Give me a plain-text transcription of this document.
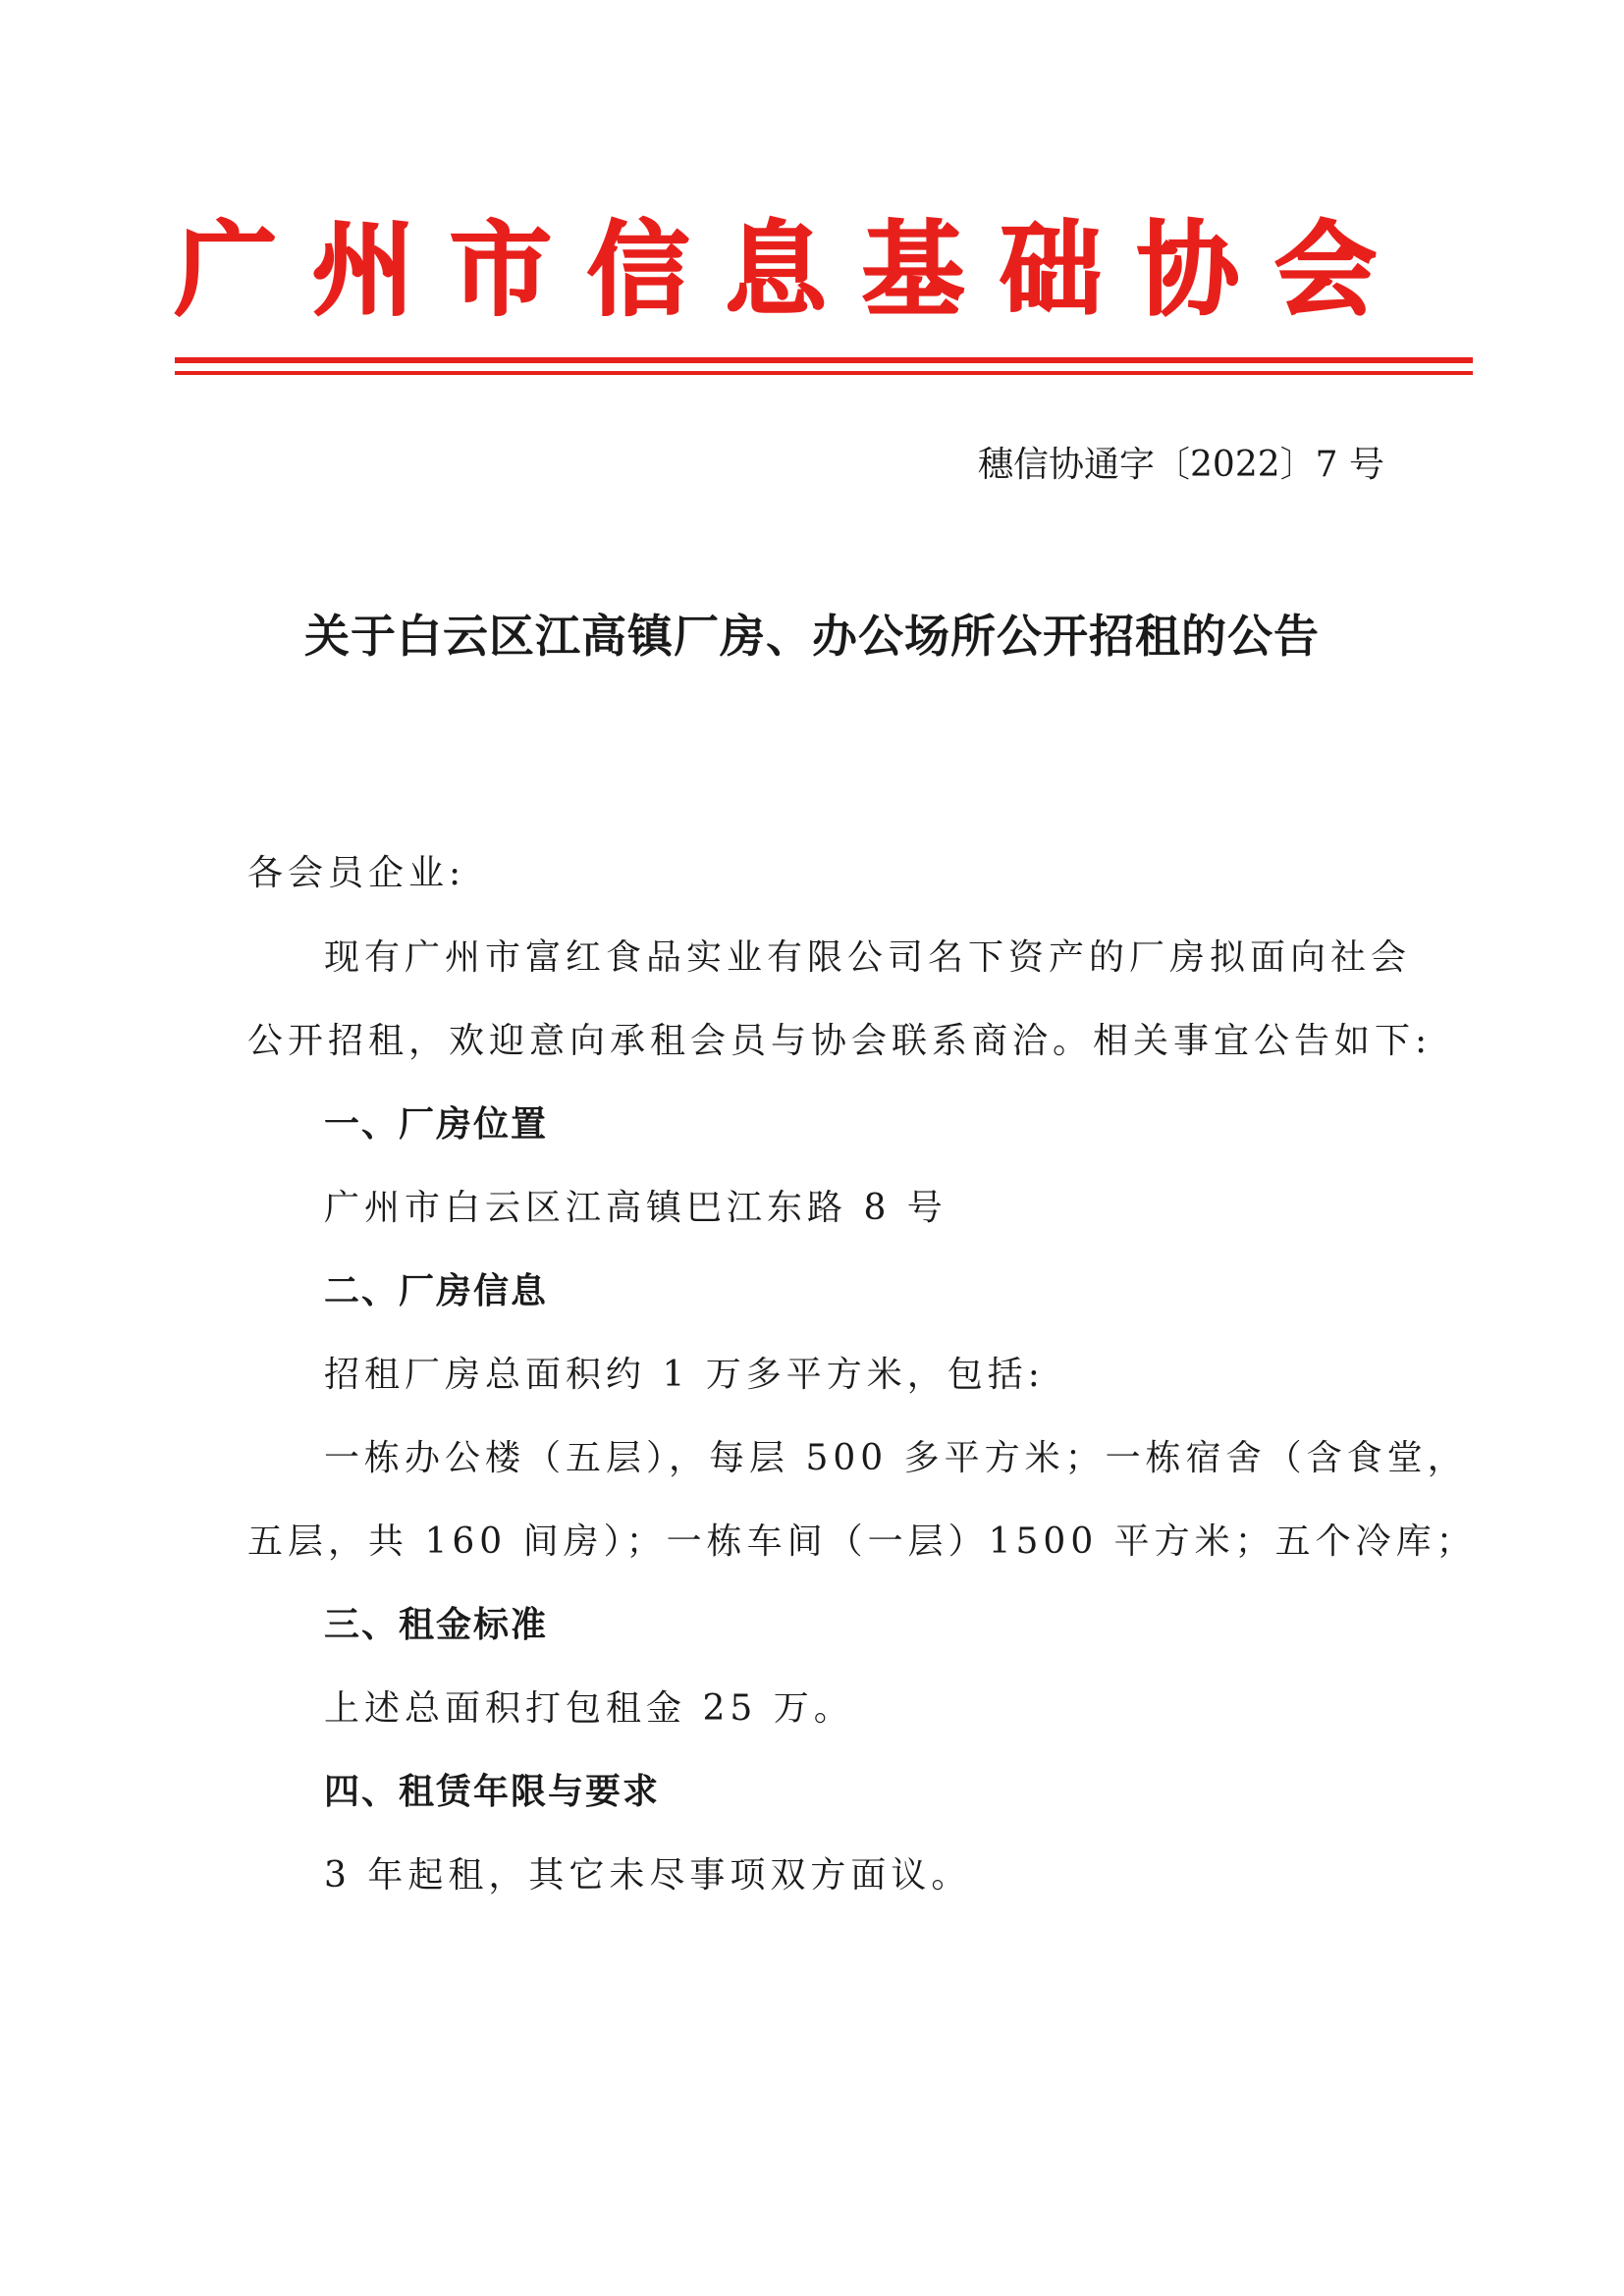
广州市信息基础协会
穗信协通字〔2022〕7 号
关于白云区江高镇厂房、办公场所公开招租的公告
各会员企业:
现有广州市富红食品实业有限公司名下资产的厂房拟面向社会
公开招租，欢迎意向承租会员与协会联系商洽。相关事宜公告如下:
一、厂房位置
广州市白云区江高镇巴江东路 8 号
二、厂房信息
招租厂房总面积约 1 万多平方米，包括:
一栋办公楼（五层），每层 500 多平方米；一栋宿舍（含食堂，
五层，共 160 间房）；一栋车间（一层）1500 平方米；五个冷库；
三、租金标准
上述总面积打包租金 25 万。
四、租赁年限与要求
3 年起租，其它未尽事项双方面议。
